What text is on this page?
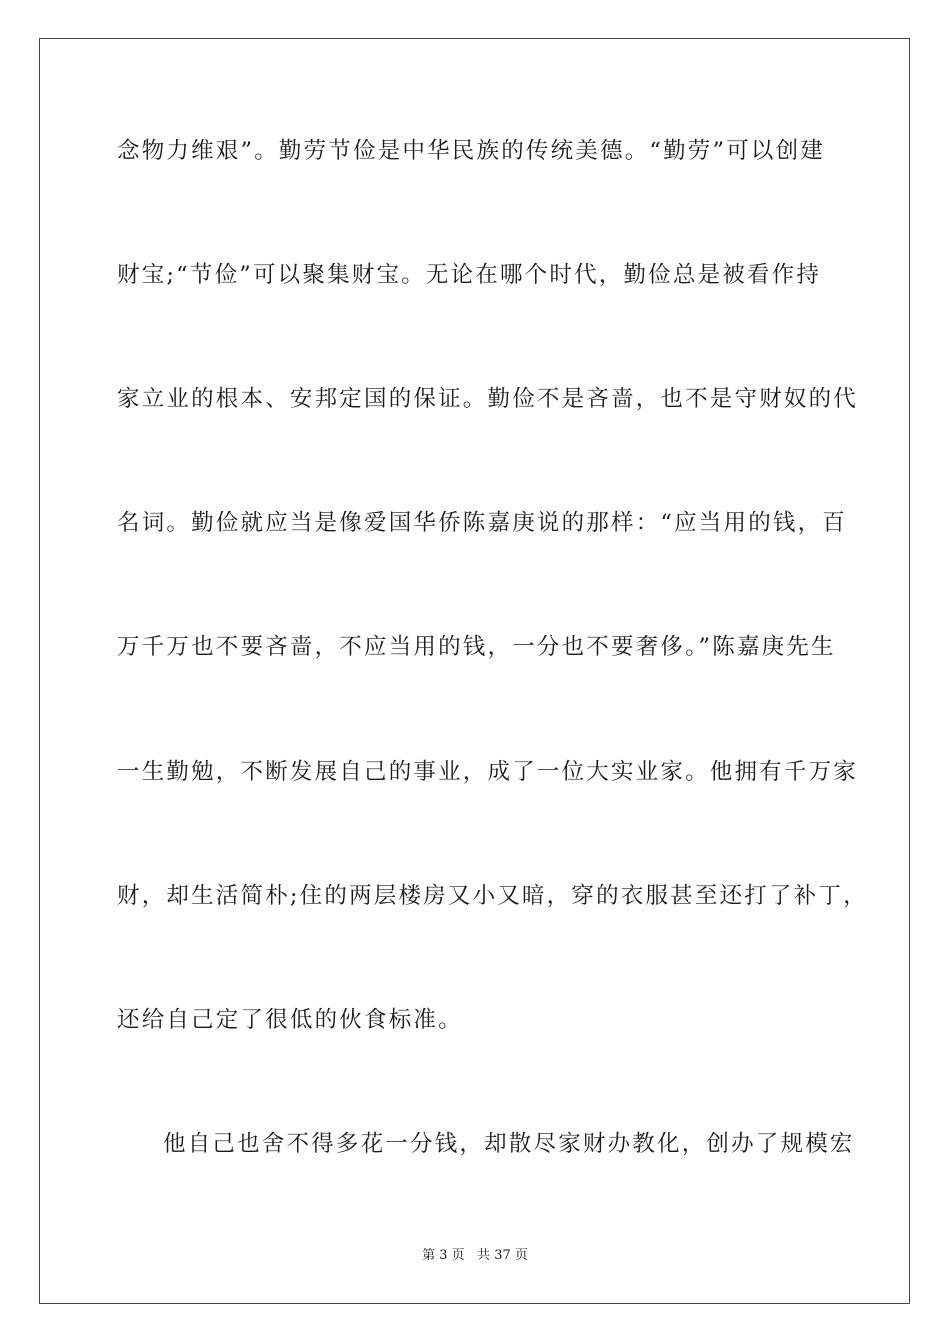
念物力维艰”。勤劳节俭是中华民族的传统美德。“勤劳”可以创建
财宝;“节俭”可以聚集财宝。无论在哪个时代，勤俭总是被看作持
家立业的根本、安邦定国的保证。勤俭不是吝啬，也不是守财奴的代
名词。勤俭就应当是像爱国华侨陈嘉庚说的那样：“应当用的钱，百
万千万也不要吝啬，不应当用的钱，一分也不要奢侈。”陈嘉庚先生
一生勤勉，不断发展自己的事业，成了一位大实业家。他拥有千万家
财，却生活简朴;住的两层楼房又小又暗，穿的衣服甚至还打了补丁，
还给自己定了很低的伙食标准。
他自己也舍不得多花一分钱，却散尽家财办教化，创办了规模宏
第 3 页   共 37 页
